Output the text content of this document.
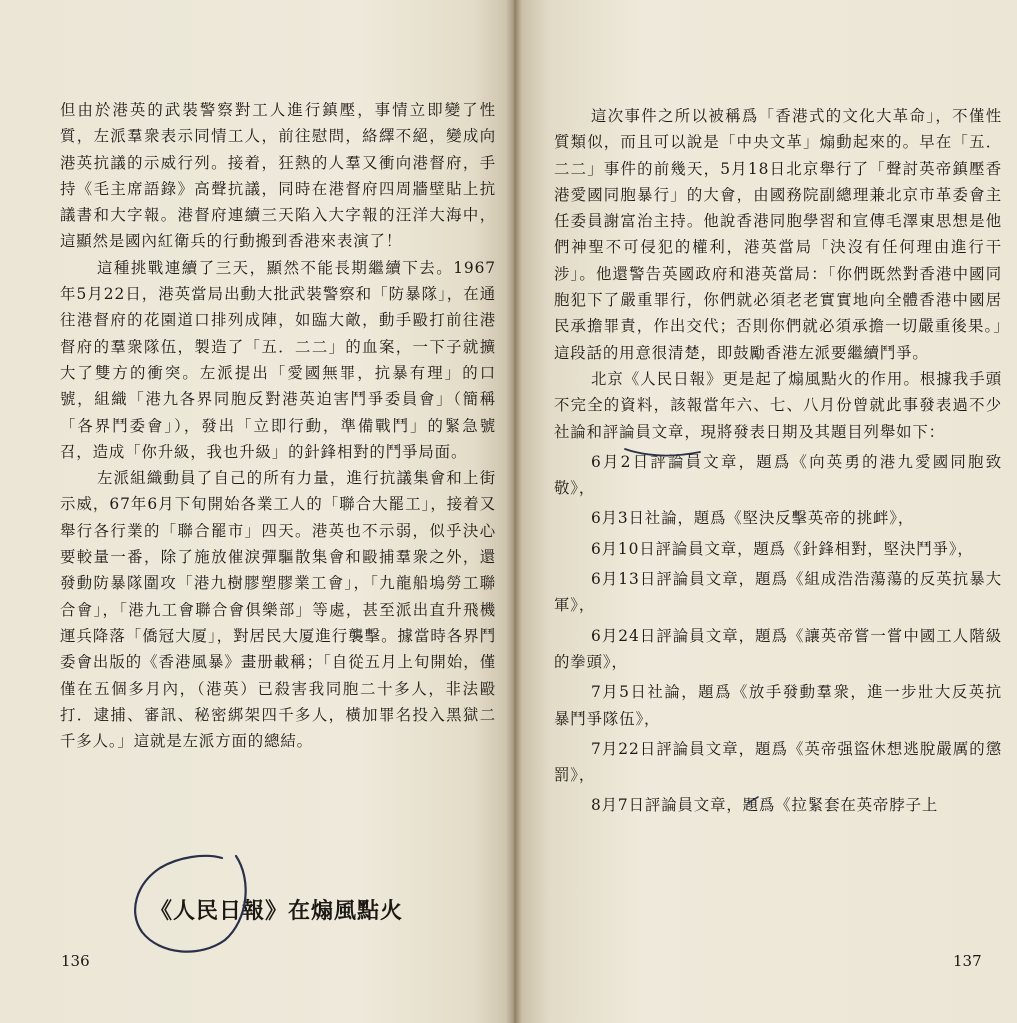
但由於港英的武裝警察對工人進行鎮壓，事情立即變了性質，左派羣衆表示同情工人，前往慰問，絡繹不絕，變成向港英抗議的示威行列。接着，狂熱的人羣又衝向港督府，手持《毛主席語錄》高聲抗議，同時在港督府四周牆壁貼上抗議書和大字報。港督府連續三天陷入大字報的汪洋大海中，這顯然是國內紅衛兵的行動搬到香港來表演了！

這種挑戰連續了三天，顯然不能長期繼續下去。1967年5月22日，港英當局出動大批武裝警察和「防暴隊」，在通往港督府的花園道口排列成陣，如臨大敵，動手毆打前往港督府的羣衆隊伍，製造了「五．二二」的血案，一下子就擴大了雙方的衝突。左派提出「愛國無罪，抗暴有理」的口號，組織「港九各界同胞反對港英迫害鬥爭委員會」（簡稱「各界鬥委會」），發出「立即行動，準備戰鬥」的緊急號召，造成「你升級，我也升級」的針鋒相對的鬥爭局面。

左派組織動員了自己的所有力量，進行抗議集會和上街示威，67年6月下旬開始各業工人的「聯合大罷工」，接着又舉行各行業的「聯合罷市」四天。港英也不示弱，似乎決心要較量一番，除了施放催淚彈驅散集會和毆捕羣衆之外，還發動防暴隊圍攻「港九樹膠塑膠業工會」，「九龍船塢勞工聯合會」，「港九工會聯合會俱樂部」等處，甚至派出直升飛機運兵降落「僑冠大厦」，對居民大厦進行襲擊。據當時各界鬥委會出版的《香港風暴》畫册載稱；「自從五月上旬開始，僅僅在五個多月內，（港英）已殺害我同胞二十多人，非法毆打．逮捕、審訊、秘密綁架四千多人，橫加罪名投入黑獄二千多人。」這就是左派方面的總結。

《人民日報》在煽風點火
136

這次事件之所以被稱爲「香港式的文化大革命」，不僅性質類似，而且可以說是「中央文革」煽動起來的。早在「五．二二」事件的前幾天，5月18日北京舉行了「聲討英帝鎮壓香港愛國同胞暴行」的大會，由國務院副總理兼北京市革委會主任委員謝富治主持。他說香港同胞學習和宣傳毛澤東思想是他們神聖不可侵犯的權利，港英當局「決沒有任何理由進行干涉」。他還警告英國政府和港英當局：「你們既然對香港中國同胞犯下了嚴重罪行，你們就必須老老實實地向全體香港中國居民承擔罪責，作出交代；否則你們就必須承擔一切嚴重後果。」這段話的用意很清楚，即鼓勵香港左派要繼續鬥爭。

北京《人民日報》更是起了煽風點火的作用。根據我手頭不完全的資料，該報當年六、七、八月份曾就此事發表過不少社論和評論員文章，現將發表日期及其題目列舉如下：

6月2日評論員文章，題爲《向英勇的港九愛國同胞致敬》，

6月3日社論，題爲《堅決反擊英帝的挑衅》，

6月10日評論員文章，題爲《針鋒相對，堅決鬥爭》，

6月13日評論員文章，題爲《組成浩浩蕩蕩的反英抗暴大軍》，

6月24日評論員文章，題爲《讓英帝嘗一嘗中國工人階級的拳頭》，

7月5日社論，題爲《放手發動羣衆，進一步壯大反英抗暴鬥爭隊伍》，

7月22日評論員文章，題爲《英帝强盜休想逃脫嚴厲的懲罰》，

8月7日評論員文章，題爲《拉緊套在英帝脖子上

137
